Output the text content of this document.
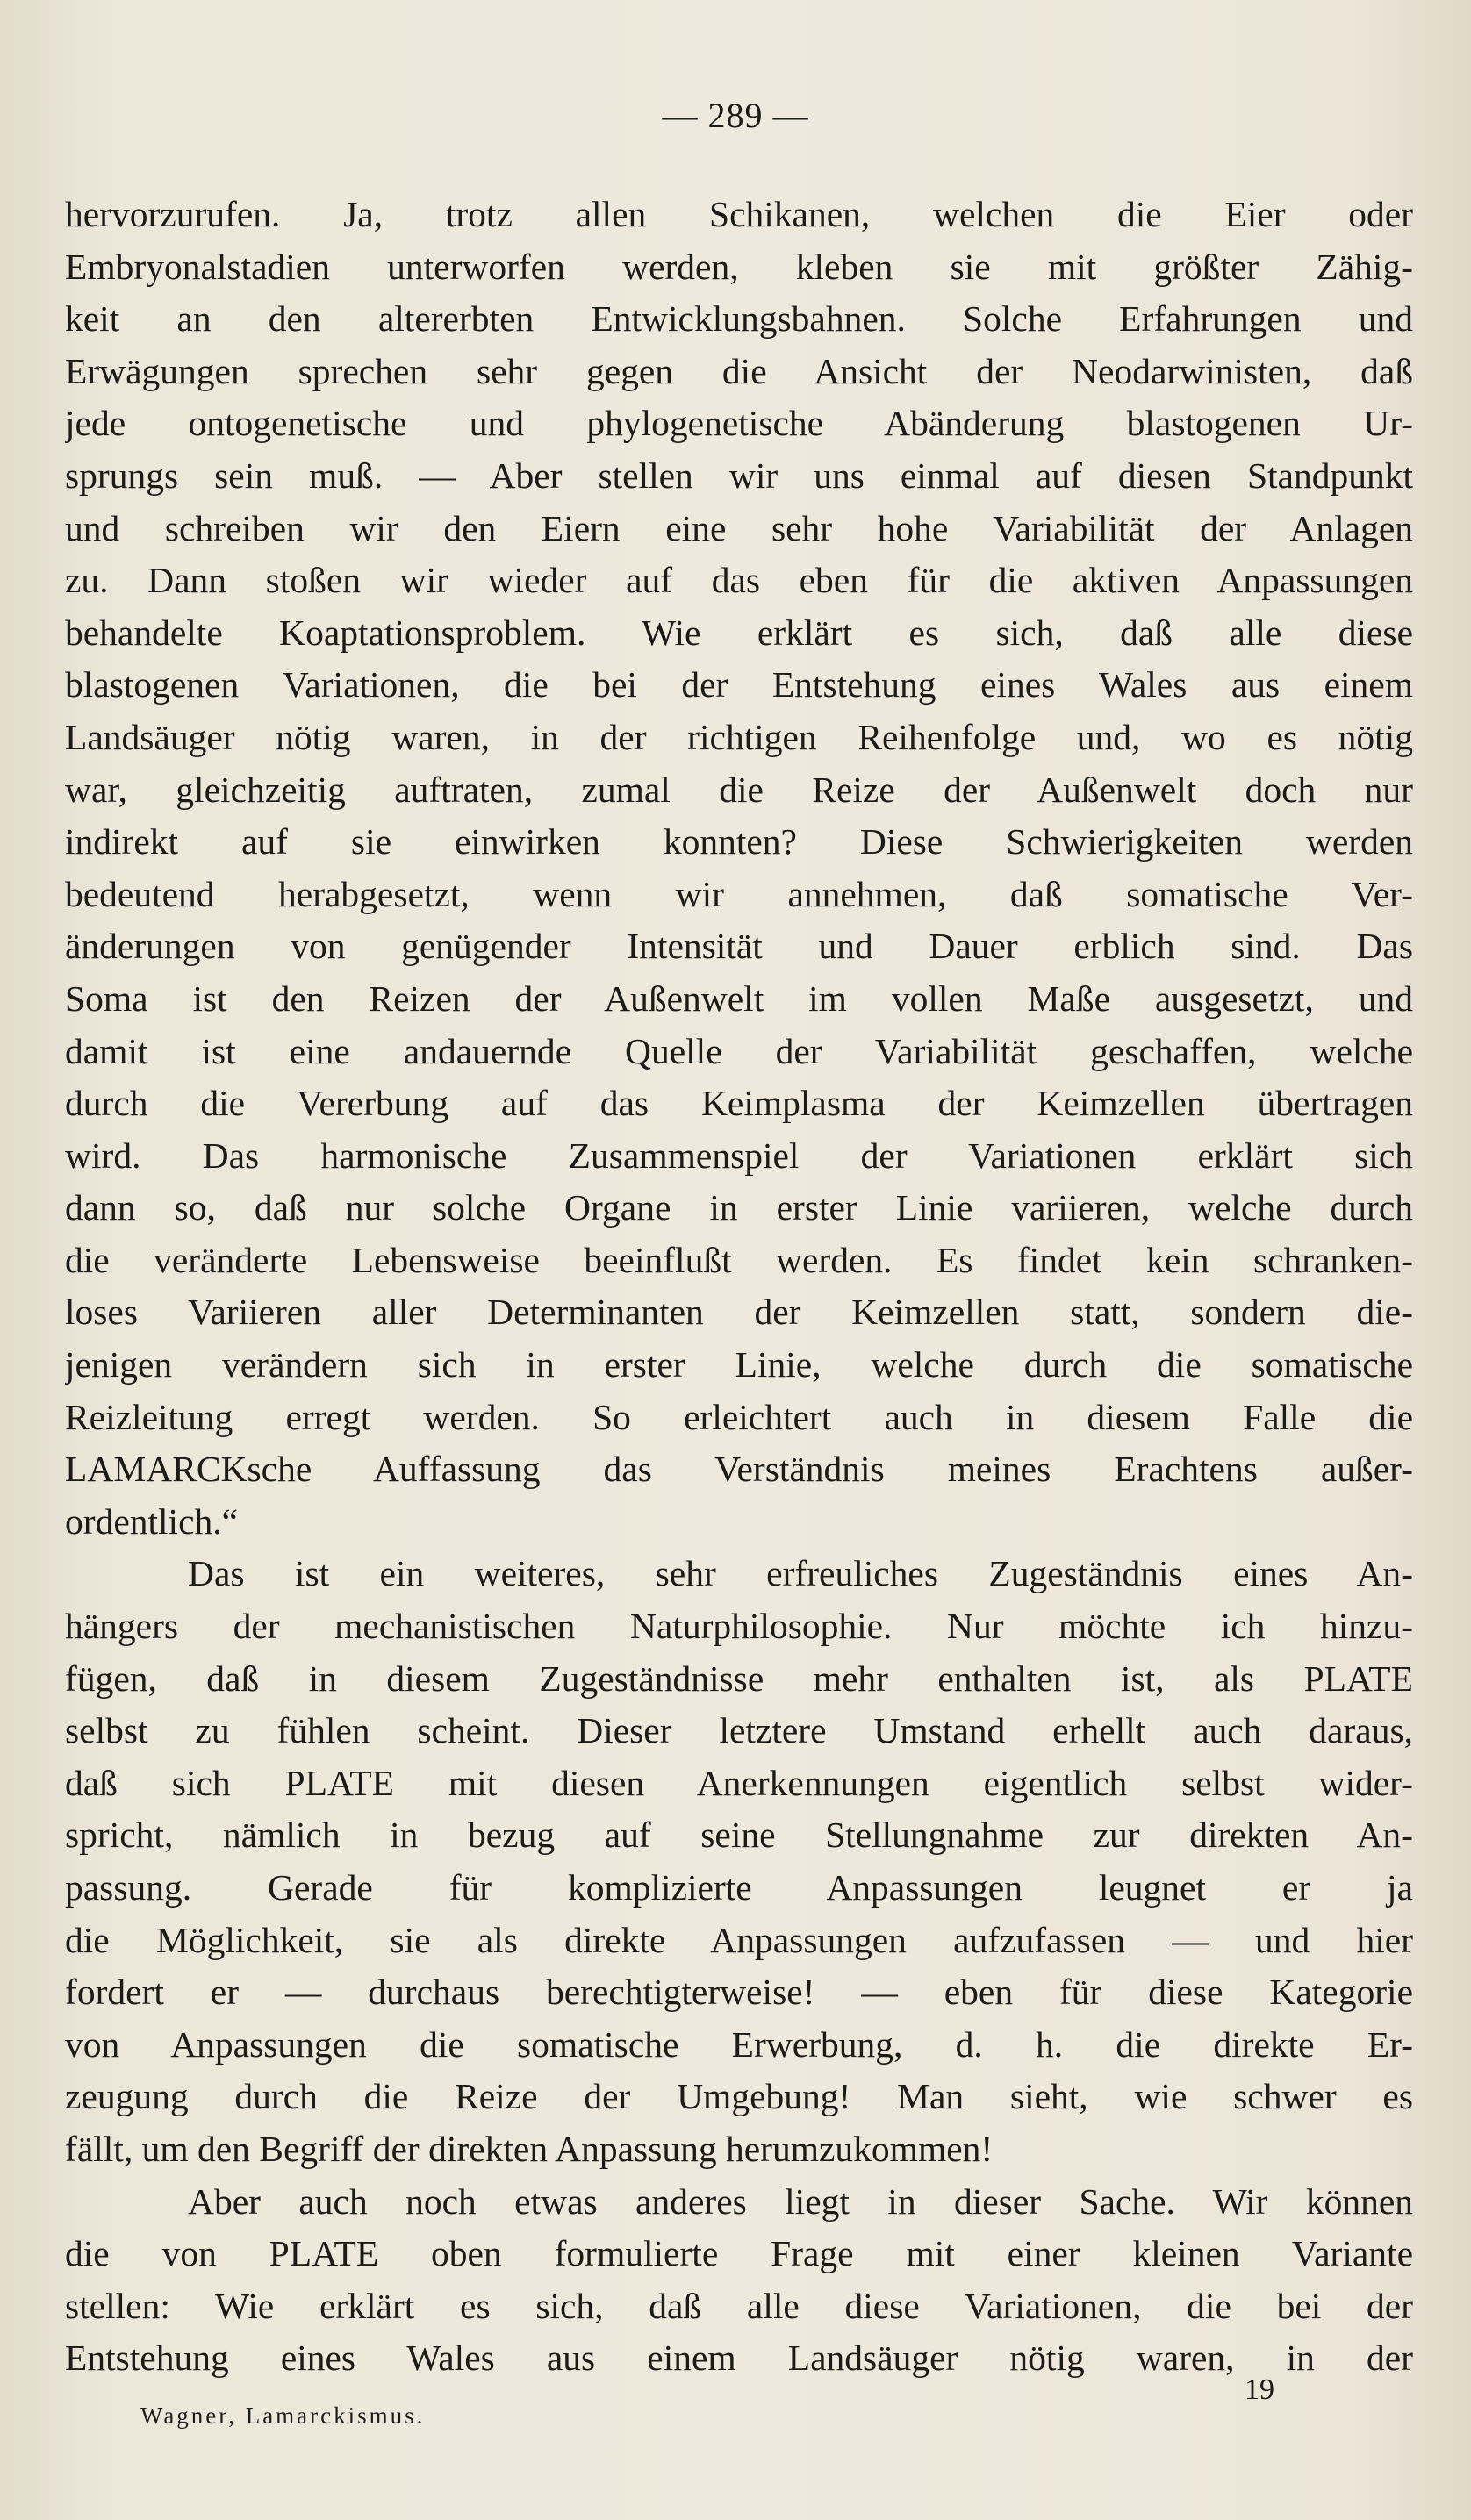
— 289 —
hervorzurufen. Ja, trotz allen Schikanen, welchen die Eier oder
Embryonalstadien unterworfen werden, kleben sie mit größter Zähig-
keit an den altererbten Entwicklungsbahnen. Solche Erfahrungen und
Erwägungen sprechen sehr gegen die Ansicht der Neodarwinisten, daß
jede ontogenetische und phylogenetische Abänderung blastogenen Ur-
sprungs sein muß. — Aber stellen wir uns einmal auf diesen Standpunkt
und schreiben wir den Eiern eine sehr hohe Variabilität der Anlagen
zu. Dann stoßen wir wieder auf das eben für die aktiven Anpassungen
behandelte Koaptationsproblem. Wie erklärt es sich, daß alle diese
blastogenen Variationen, die bei der Entstehung eines Wales aus einem
Landsäuger nötig waren, in der richtigen Reihenfolge und, wo es nötig
war, gleichzeitig auftraten, zumal die Reize der Außenwelt doch nur
indirekt auf sie einwirken konnten? Diese Schwierigkeiten werden
bedeutend herabgesetzt, wenn wir annehmen, daß somatische Ver-
änderungen von genügender Intensität und Dauer erblich sind. Das
Soma ist den Reizen der Außenwelt im vollen Maße ausgesetzt, und
damit ist eine andauernde Quelle der Variabilität geschaffen, welche
durch die Vererbung auf das Keimplasma der Keimzellen übertragen
wird. Das harmonische Zusammenspiel der Variationen erklärt sich
dann so, daß nur solche Organe in erster Linie variieren, welche durch
die veränderte Lebensweise beeinflußt werden. Es findet kein schranken-
loses Variieren aller Determinanten der Keimzellen statt, sondern die-
jenigen verändern sich in erster Linie, welche durch die somatische
Reizleitung erregt werden. So erleichtert auch in diesem Falle die
LAMARCKsche Auffassung das Verständnis meines Erachtens außer-
ordentlich.“
Das ist ein weiteres, sehr erfreuliches Zugeständnis eines An-
hängers der mechanistischen Naturphilosophie. Nur möchte ich hinzu-
fügen, daß in diesem Zugeständnisse mehr enthalten ist, als PLATE
selbst zu fühlen scheint. Dieser letztere Umstand erhellt auch daraus,
daß sich PLATE mit diesen Anerkennungen eigentlich selbst wider-
spricht, nämlich in bezug auf seine Stellungnahme zur direkten An-
passung. Gerade für komplizierte Anpassungen leugnet er ja
die Möglichkeit, sie als direkte Anpassungen aufzufassen — und hier
fordert er — durchaus berechtigterweise! — eben für diese Kategorie
von Anpassungen die somatische Erwerbung, d. h. die direkte Er-
zeugung durch die Reize der Umgebung! Man sieht, wie schwer es
fällt, um den Begriff der direkten Anpassung herumzukommen!
Aber auch noch etwas anderes liegt in dieser Sache. Wir können
die von PLATE oben formulierte Frage mit einer kleinen Variante
stellen: Wie erklärt es sich, daß alle diese Variationen, die bei der
Entstehung eines Wales aus einem Landsäuger nötig waren, in der
19
Wagner, Lamarckismus.
